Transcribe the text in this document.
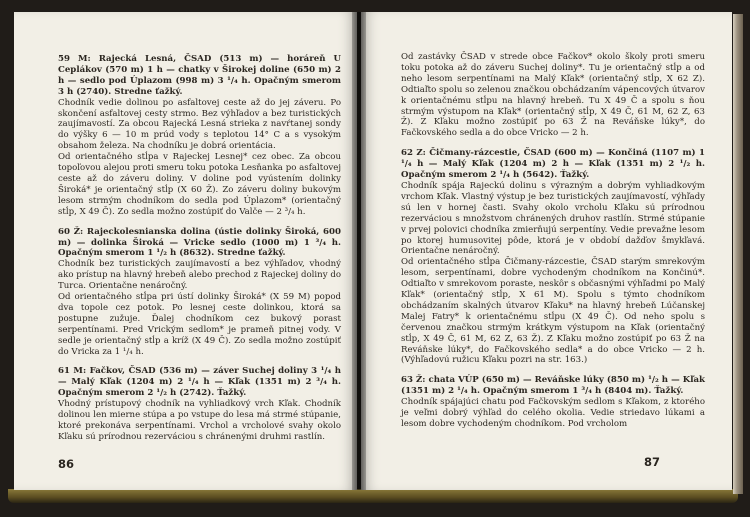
59 M: Rajecká Lesná, ČSAD (513 m) — horáreň U Ceplákov (570 m) 1 h — chatky v Širokej doline (650 m) 2 h — sedlo pod Úplazom (998 m) 3 ¹/₄ h. Opačným smerom 3 h (2740). Stredne ťažký.

Chodník vedie dolinou po asfaltovej ceste až do jej záveru. Po skončení asfaltovej cesty strmo. Bez výhľadov a bez turistických zaujímavostí. Za obcou Rajecká Lesná strieka z navŕtanej sondy do výšky 6 — 10 m prúd vody s teplotou 14° C a s vysokým obsahom železa. Na chodníku je dobrá orientácia.

Od orientačného stĺpa v Rajeckej Lesnej* cez obec. Za obcou topoľovou alejou proti smeru toku potoka Lesňanka po asfaltovej ceste až do záveru doliny. V doline pod vyústením dolinky Široká* je orientačný stĺp (X 60 Ž). Zo záveru doliny bukovým lesom strmým chodníkom do sedla pod Úplazom* (orientačný stĺp, X 49 Č). Zo sedla možno zostúpiť do Valče — 2 ³/₄ h.

60 Ž: Rajeckolesnianska dolina (ústie dolinky Široká, 600 m) — dolinka Široká — Vricke sedlo (1000 m) 1 ³/₄ h. Opačným smerom 1 ¹/₂ h (8632). Stredne ťažký.

Chodník bez turistických zaujímavostí a bez výhľadov, vhodný ako prístup na hlavný hrebeň alebo prechod z Rajeckej doliny do Turca. Orientačne nenáročný.

Od orientačného stĺpa pri ústí dolinky Široká* (X 59 M) popod dva topole cez potok. Po lesnej ceste dolinkou, ktorá sa postupne zužuje. Ďalej chodníkom cez bukový porast serpentínami. Pred Vrickým sedlom* je prameň pitnej vody. V sedle je orientačný stĺp a kríž (X 49 Č). Zo sedla možno zostúpiť do Vricka za 1 ¹/₄ h.

61 M: Fačkov, ČSAD (536 m) — záver Suchej doliny 3 ¹/₄ h — Malý Kľak (1204 m) 2 ¹/₄ h — Kľak (1351 m) 2 ³/₄ h. Opačným smerom 2 ¹/₂ h (2742). Ťažký.

Vhodný prístupový chodník na vyhliadkový vrch Kľak. Chodník dolinou len mierne stúpa a po vstupe do lesa má strmé stúpanie, ktoré prekonáva serpentínami. Vrchol a vrcholové svahy okolo Kľaku sú prírodnou rezerváciou s chránenými druhmi rastlín.

86

Od zastávky ČSAD v strede obce Fačkov* okolo školy proti smeru toku potoka až do záveru Suchej doliny*. Tu je orientačný stĺp a od neho lesom serpentínami na Malý Kľak* (orientačný stĺp, X 62 Z). Odtiaľto spolu so zelenou značkou obchádzaním vápencových útvarov k orientačnému stĺpu na hlavný hrebeň. Tu X 49 Č a spolu s ňou strmým výstupom na Kľak* (orientačný stĺp, X 49 Č, 61 M, 62 Z, 63 Ž). Z Kľaku možno zostúpiť po 63 Ž na Reváňske lúky*, do Fačkovského sedla a do obce Vricko — 2 h.

62 Z: Čičmany-rázcestie, ČSAD (600 m) — Končiná (1107 m) 1 ¹/₄ h — Malý Kľak (1204 m) 2 h — Kľak (1351 m) 2 ¹/₂ h. Opačným smerom 2 ¹/₄ h (5642). Ťažký.

Chodník spája Rajeckú dolinu s výrazným a dobrým vyhliadkovým vrchom Kľak. Vlastný výstup je bez turistických zaujímavostí, výhľady sú len v hornej časti. Svahy okolo vrcholu Kľaku sú prírodnou rezerváciou s množstvom chránených druhov rastlín. Strmé stúpanie v prvej polovici chodníka zmierňujú serpentíny. Vedie prevažne lesom po ktorej humusovitej pôde, ktorá je v období dažďov šmykľavá. Orientačne nenáročný.

Od orientačného stĺpa Čičmany-rázcestie, ČSAD starým smrekovým lesom, serpentínami, dobre vychodeným chodníkom na Končinú*. Odtiaľto v smrekovom poraste, neskôr s občasnými výhľadmi po Malý Kľak* (orientačný stĺp, X 61 M). Spolu s týmto chodníkom obchádzaním skalných útvarov Kľaku* na hlavný hrebeň Lúčanskej Malej Fatry* k orientačnému stĺpu (X 49 Č). Od neho spolu s červenou značkou strmým krátkym výstupom na Kľak (orientačný stĺp, X 49 Č, 61 M, 62 Z, 63 Ž). Z Kľaku možno zostúpiť po 63 Ž na Reváňske lúky*, do Fačkovského sedla* a do obce Vricko — 2 h. (Výhľadovú ružicu Kľaku pozri na str. 163.)

63 Ž: chata VÚP (650 m) — Reváňske lúky (850 m) ¹/₂ h — Kľak (1351 m) 2 ¹/₄ h. Opačným smerom 1 ³/₄ h (8404 m). Ťažký.

Chodník spájajúci chatu pod Fačkovským sedlom s Kľakom, z ktorého je veľmi dobrý výhľad do celého okolia. Vedie striedavo lúkami a lesom dobre vychodeným chodníkom. Pod vrcholom

87
